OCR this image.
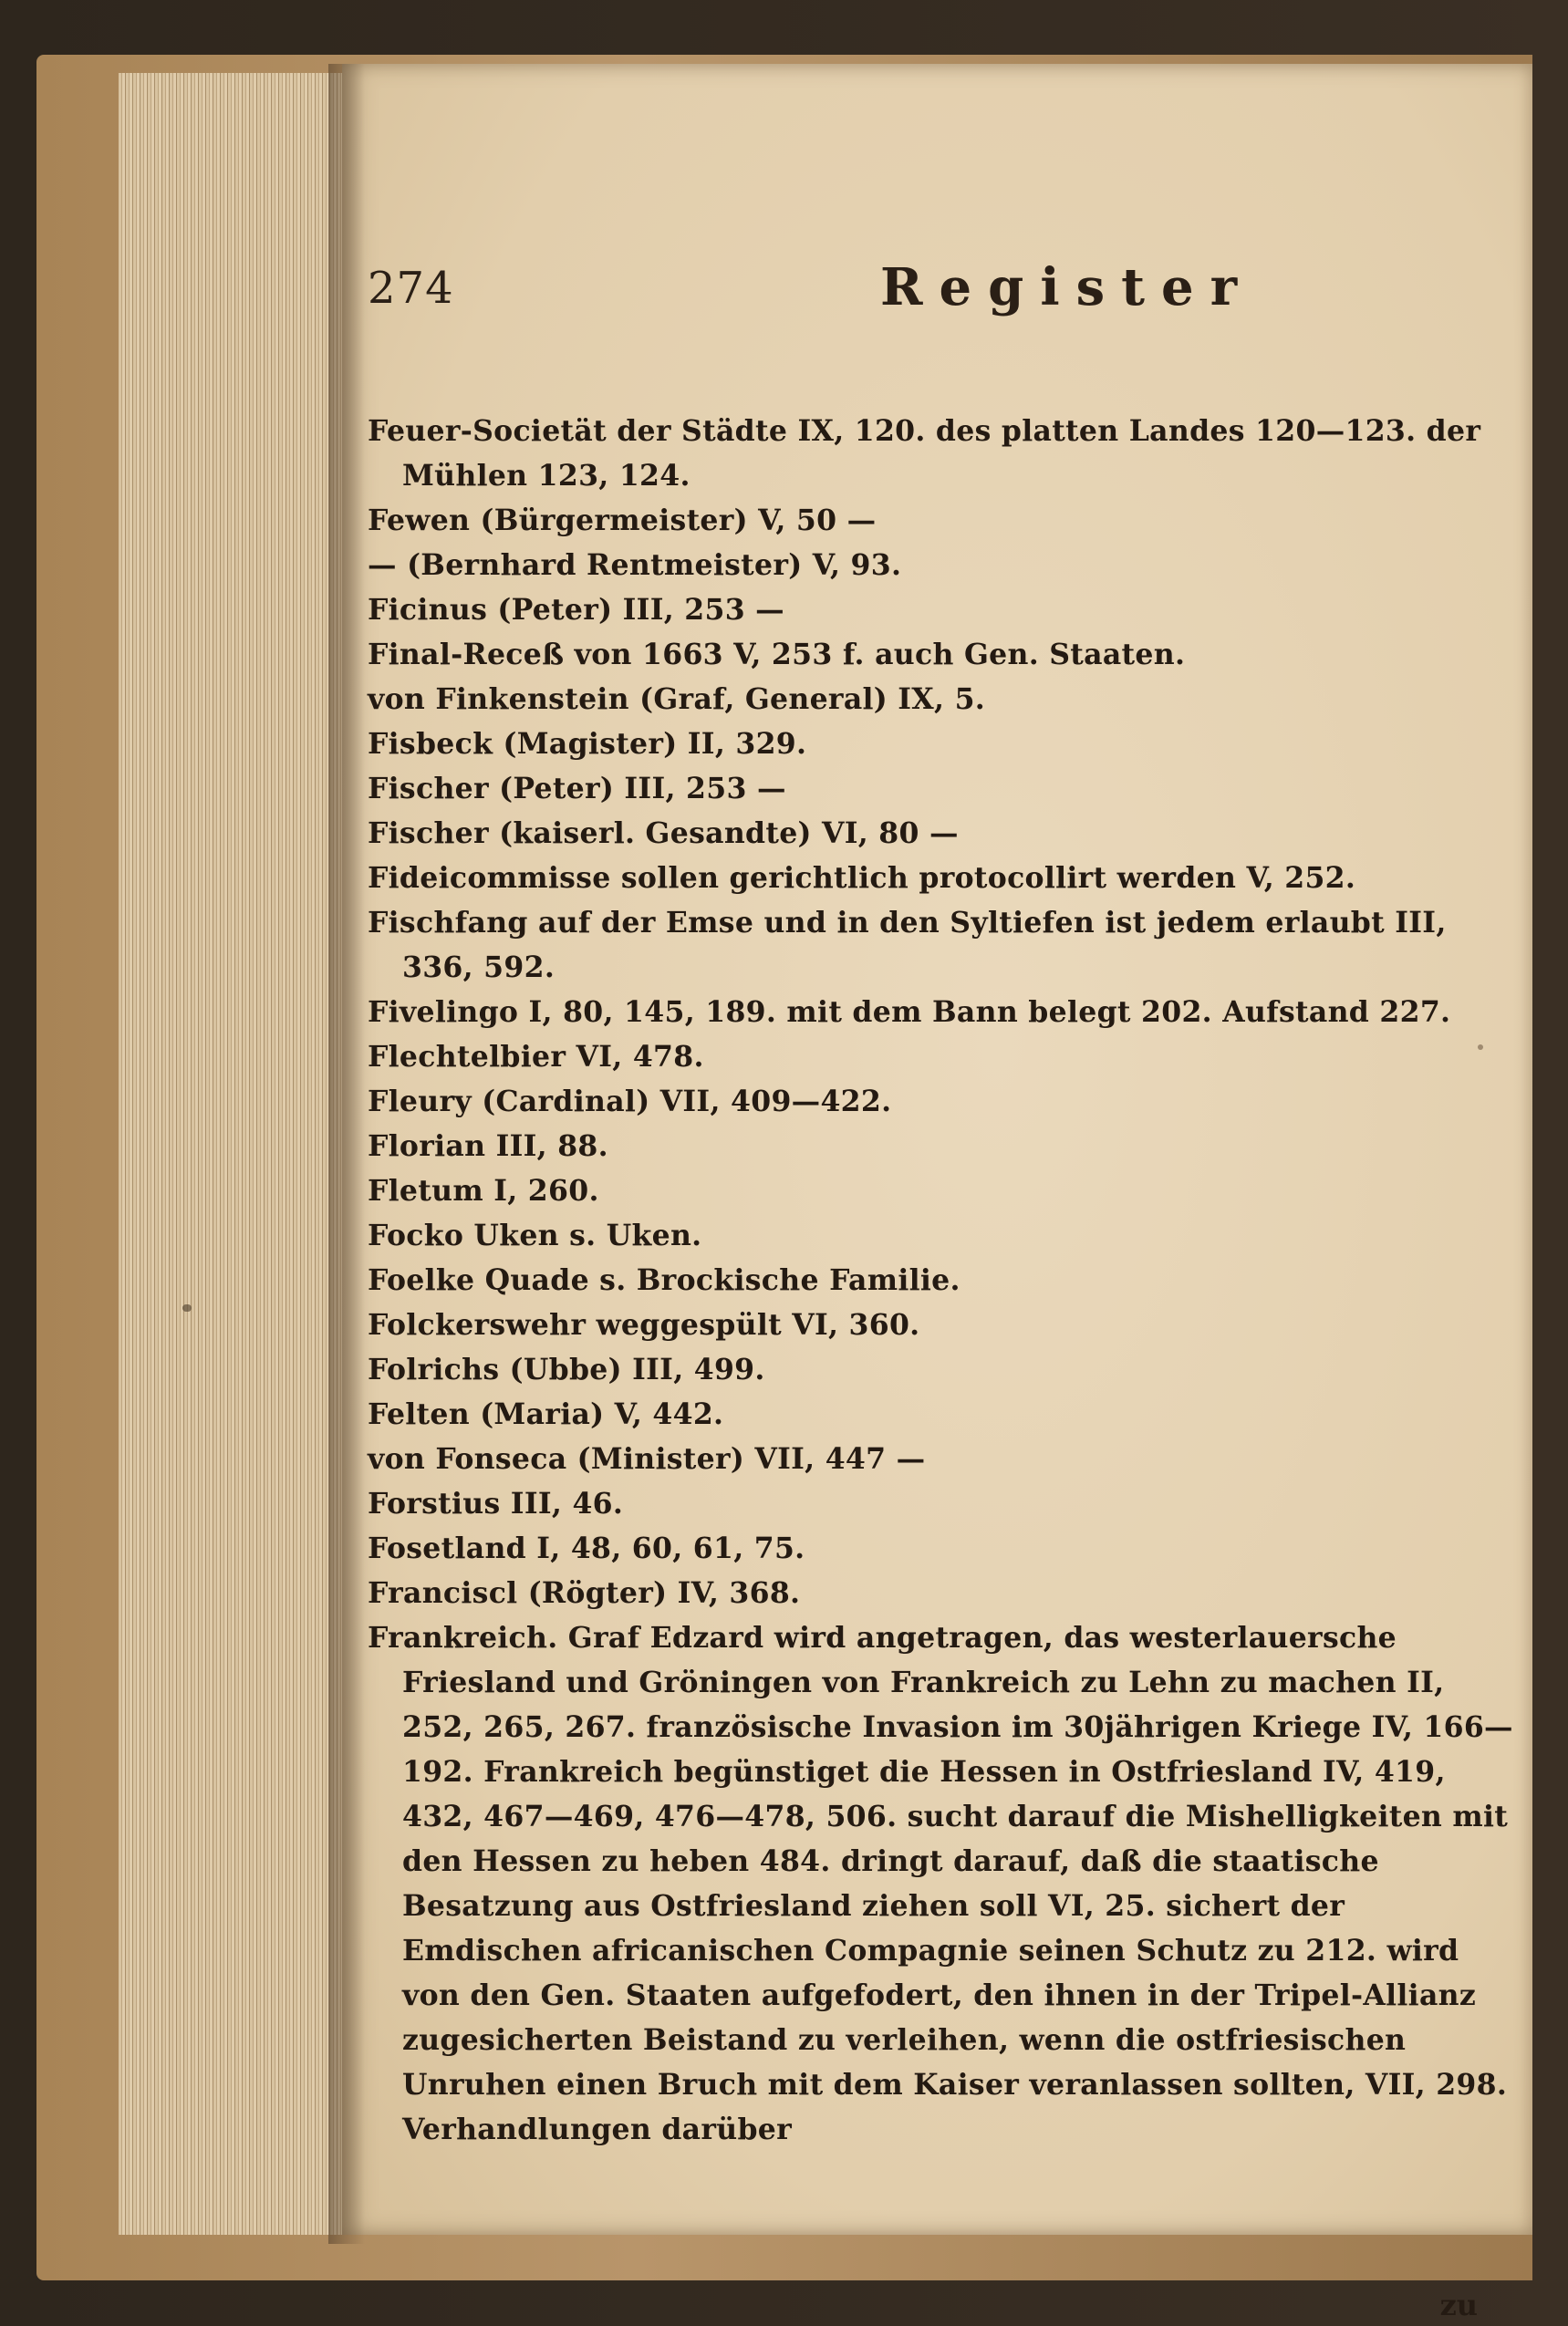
274	Register

Feuer-Societät der Städte IX, 120. des platten Landes 120—123. der Mühlen 123, 124.

Fewen (Bürgermeister) V, 50 —

— (Bernhard Rentmeister) V, 93.

Ficinus (Peter) III, 253 —

Final-Receß von 1663 V, 253 f. auch Gen. Staaten.

von Finkenstein (Graf, General) IX, 5.

Fisbeck (Magister) II, 329.

Fischer (Peter) III, 253 —

Fischer (kaiserl. Gesandte) VI, 80 —

Fideicommisse sollen gerichtlich protocollirt werden V, 252.

Fischfang auf der Emse und in den Syltiefen ist jedem erlaubt III, 336, 592.

Fivelingo I, 80, 145, 189. mit dem Bann belegt 202. Aufstand 227.

Flechtelbier VI, 478.

Fleury (Cardinal) VII, 409—422.

Florian III, 88.

Fletum I, 260.

Focko Uken s. Uken.

Foelke Quade s. Brockische Familie.

Folckerswehr weggespült VI, 360.

Folrichs (Ubbe) III, 499.

Felten (Maria) V, 442.

von Fonseca (Minister) VII, 447 —

Forstius III, 46.

Fosetland I, 48, 60, 61, 75.

Franciscl (Rögter) IV, 368.

Frankreich. Graf Edzard wird angetragen, das westerlauersche Friesland und Gröningen von Frankreich zu Lehn zu machen II, 252, 265, 267. französische Invasion im 30jährigen Kriege IV, 166—192. Frankreich begünstiget die Hessen in Ostfriesland IV, 419, 432, 467—469, 476—478, 506. sucht darauf die Mishelligkeiten mit den Hessen zu heben 484. dringt darauf, daß die staatische Besatzung aus Ostfriesland ziehen soll VI, 25. sichert der Emdischen africanischen Compagnie seinen Schutz zu 212. wird von den Gen. Staaten aufgefodert, den ihnen in der Tripel-Allianz zugesicherten Beistand zu verleihen, wenn die ostfriesischen Unruhen einen Bruch mit dem Kaiser veranlassen sollten, VII, 298. Verhandlungen darüber

zu
